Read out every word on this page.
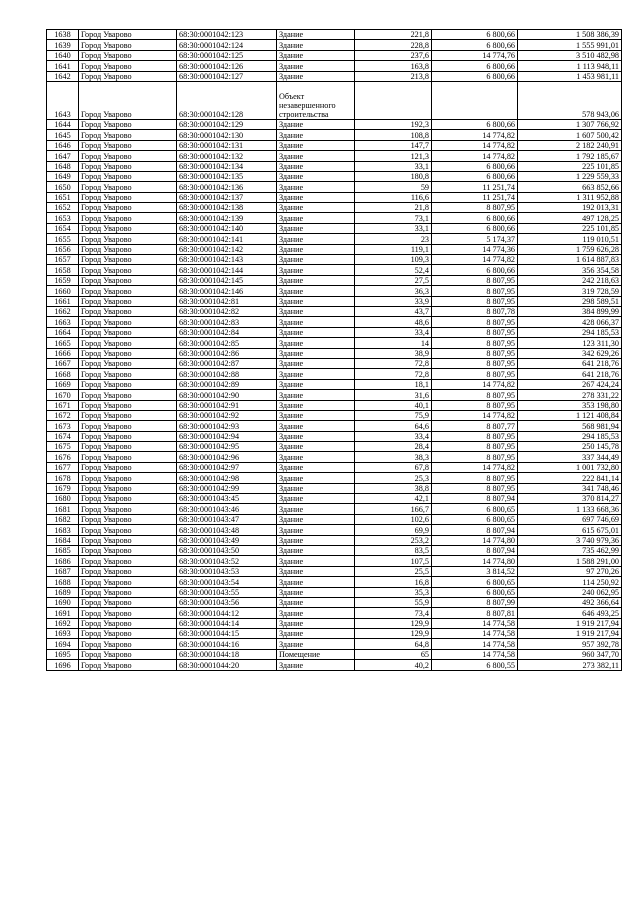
1638	Город Уварово	68:30:0001042:123	Здание	221,8	6 800,66	1 508 386,39
1639	Город Уварово	68:30:0001042:124	Здание	228,8	6 800,66	1 555 991,01
1640	Город Уварово	68:30:0001042:125	Здание	237,6	14 774,76	3 510 482,98
1641	Город Уварово	68:30:0001042:126	Здание	163,8	6 800,66	1 113 948,11
1642	Город Уварово	68:30:0001042:127	Здание	213,8	6 800,66	1 453 981,11
1643	Город Уварово	68:30:0001042:128	Объект незавершенного строительства			578 943,06
1644	Город Уварово	68:30:0001042:129	Здание	192,3	6 800,66	1 307 766,92
1645	Город Уварово	68:30:0001042:130	Здание	108,8	14 774,82	1 607 500,42
1646	Город Уварово	68:30:0001042:131	Здание	147,7	14 774,82	2 182 240,91
1647	Город Уварово	68:30:0001042:132	Здание	121,3	14 774,82	1 792 185,67
1648	Город Уварово	68:30:0001042:134	Здание	33,1	6 800,66	225 101,85
1649	Город Уварово	68:30:0001042:135	Здание	180,8	6 800,66	1 229 559,33
1650	Город Уварово	68:30:0001042:136	Здание	59	11 251,74	663 852,66
1651	Город Уварово	68:30:0001042:137	Здание	116,6	11 251,74	1 311 952,88
1652	Город Уварово	68:30:0001042:138	Здание	21,8	8 807,95	192 013,31
1653	Город Уварово	68:30:0001042:139	Здание	73,1	6 800,66	497 128,25
1654	Город Уварово	68:30:0001042:140	Здание	33,1	6 800,66	225 101,85
1655	Город Уварово	68:30:0001042:141	Здание	23	5 174,37	119 010,51
1656	Город Уварово	68:30:0001042:142	Здание	119,1	14 774,36	1 759 626,28
1657	Город Уварово	68:30:0001042:143	Здание	109,3	14 774,82	1 614 887,83
1658	Город Уварово	68:30:0001042:144	Здание	52,4	6 800,66	356 354,58
1659	Город Уварово	68:30:0001042:145	Здание	27,5	8 807,95	242 218,63
1660	Город Уварово	68:30:0001042:146	Здание	36,3	8 807,95	319 728,59
1661	Город Уварово	68:30:0001042:81	Здание	33,9	8 807,95	298 589,51
1662	Город Уварово	68:30:0001042:82	Здание	43,7	8 807,78	384 899,99
1663	Город Уварово	68:30:0001042:83	Здание	48,6	8 807,95	428 066,37
1664	Город Уварово	68:30:0001042:84	Здание	33,4	8 807,95	294 185,53
1665	Город Уварово	68:30:0001042:85	Здание	14	8 807,95	123 311,30
1666	Город Уварово	68:30:0001042:86	Здание	38,9	8 807,95	342 629,26
1667	Город Уварово	68:30:0001042:87	Здание	72,8	8 807,95	641 218,76
1668	Город Уварово	68:30:0001042:88	Здание	72,8	8 807,95	641 218,76
1669	Город Уварово	68:30:0001042:89	Здание	18,1	14 774,82	267 424,24
1670	Город Уварово	68:30:0001042:90	Здание	31,6	8 807,95	278 331,22
1671	Город Уварово	68:30:0001042:91	Здание	40,1	8 807,95	353 198,80
1672	Город Уварово	68:30:0001042:92	Здание	75,9	14 774,82	1 121 408,84
1673	Город Уварово	68:30:0001042:93	Здание	64,6	8 807,77	568 981,94
1674	Город Уварово	68:30:0001042:94	Здание	33,4	8 807,95	294 185,53
1675	Город Уварово	68:30:0001042:95	Здание	28,4	8 807,95	250 145,78
1676	Город Уварово	68:30:0001042:96	Здание	38,3	8 807,95	337 344,49
1677	Город Уварово	68:30:0001042:97	Здание	67,8	14 774,82	1 001 732,80
1678	Город Уварово	68:30:0001042:98	Здание	25,3	8 807,95	222 841,14
1679	Город Уварово	68:30:0001042:99	Здание	38,8	8 807,95	341 748,46
1680	Город Уварово	68:30:0001043:45	Здание	42,1	8 807,94	370 814,27
1681	Город Уварово	68:30:0001043:46	Здание	166,7	6 800,65	1 133 668,36
1682	Город Уварово	68:30:0001043:47	Здание	102,6	6 800,65	697 746,69
1683	Город Уварово	68:30:0001043:48	Здание	69,9	8 807,94	615 675,01
1684	Город Уварово	68:30:0001043:49	Здание	253,2	14 774,80	3 740 979,36
1685	Город Уварово	68:30:0001043:50	Здание	83,5	8 807,94	735 462,99
1686	Город Уварово	68:30:0001043:52	Здание	107,5	14 774,80	1 588 291,00
1687	Город Уварово	68:30:0001043:53	Здание	25,5	3 814,52	97 270,26
1688	Город Уварово	68:30:0001043:54	Здание	16,8	6 800,65	114 250,92
1689	Город Уварово	68:30:0001043:55	Здание	35,3	6 800,65	240 062,95
1690	Город Уварово	68:30:0001043:56	Здание	55,9	8 807,99	492 366,64
1691	Город Уварово	68:30:0001044:12	Здание	73,4	8 807,81	646 493,25
1692	Город Уварово	68:30:0001044:14	Здание	129,9	14 774,58	1 919 217,94
1693	Город Уварово	68:30:0001044:15	Здание	129,9	14 774,58	1 919 217,94
1694	Город Уварово	68:30:0001044:16	Здание	64,8	14 774,58	957 392,78
1695	Город Уварово	68:30:0001044:18	Помещение	65	14 774,58	960 347,70
1696	Город Уварово	68:30:0001044:20	Здание	40,2	6 800,55	273 382,11
